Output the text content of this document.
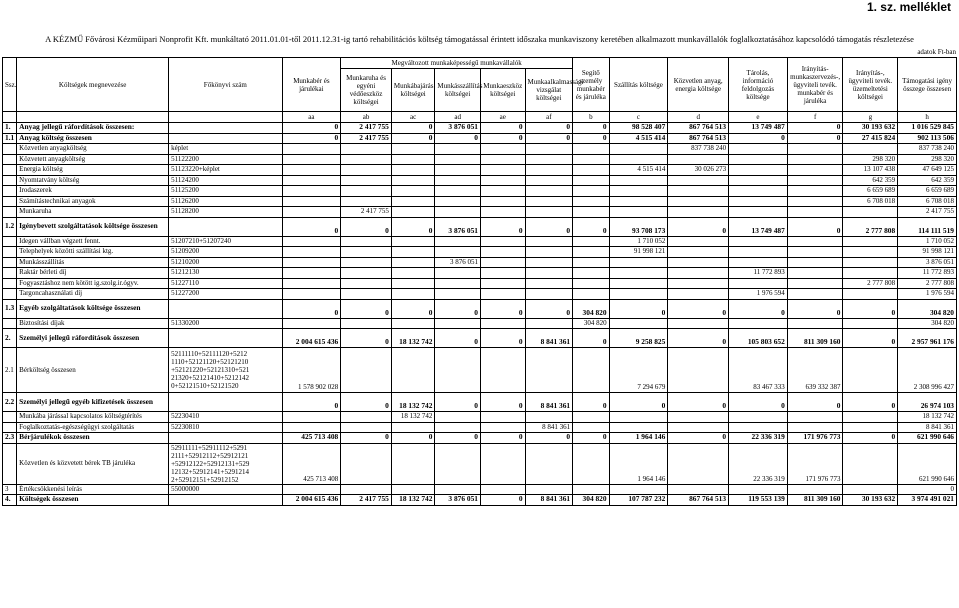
1. sz. melléklet
A KÉZMŰ Fővárosi Kézműipari Nonprofit Kft. munkáltató 2011.01.01-től 2011.12.31-ig tartó rehabilitációs költség támogatással érintett időszaka munkaviszony keretében alkalmazott munkavállalók foglalkoztatásához kapcsolódó támogatás részletezése
adatok Ft-ban
Ssz.	Költségek megnevezése	Főkönyvi szám	Munkabér és járulékai	Megváltozott munkaképességű munkavállalók					Segítő személy munkabér és járuléka	Szállítás költsége	Közvetlen anyag, energia költsége	Tárolás, információ feldolgozás költsége	Irányítás-munkaszervezés-, ügyviteli tevék. munkabér és járuléka	Irányítás-, ügyviteli tevék. üzemeltetési költségei	Támogatási igény összege összesen
				Munkaruha és egyéni védőeszköz költségei	Munkábajárás költségei	Munkásszállítás költségei	Munkaeszköz költségei	Munkaalkalmassági vizsgálat költségei							
			aa	ab	ac	ad	ae	af	b	c	d	e	f	g	h
1.	Anyag jellegű ráfordítások összesen:		0	2 417 755	0	3 876 051	0	0	0	98 528 407	867 764 513	13 749 487	0	30 193 632	1 016 529 845
1.1	Anyag költség összesen		0	2 417 755	0	0	0	0	0	4 515 414	867 764 513	0	0	27 415 824	902 113 506
	Közvetlen anyagköltség	képlet									837 738 240				837 738 240
	Közvetett anyagköltség	51122200												298 320	298 320
	Energia költség	51123220+képlet								4 515 414	30 026 273			13 107 438	47 649 125
	Nyomtatvány költség	51124200												642 359	642 359
	Irodaszerek	51125200												6 659 689	6 659 689
	Számítástechnikai anyagok	51126200												6 708 018	6 708 018
	Munkaruha	51128200		2 417 755											2 417 755
1.2	Igénybevett szolgáltatások költsége összesen		0	0	0	3 876 051	0	0	0	93 708 173	0	13 749 487	0	2 777 808	114 111 519
	Idegen vállban végzett fennt.	51207210+51207240								1 710 052					1 710 052
	Telephelyek közötti szállítási ktg.	51209200								91 998 121					91 998 121
	Munkásszállítás	51210200				3 876 051									3 876 051
	Raktár bérleti díj	51212130										11 772 893			11 772 893
	Fogyasztáshoz nem kötött ig.szolg.ir.ógyv.	51227110												2 777 808	2 777 808
	Targoncahasználati díj	51227200										1 976 594			1 976 594
1.3	Egyéb szolgáltatások költsége összesen		0	0	0	0	0	0	304 820	0	0	0	0	0	304 820
	Biztosítási díjak	51330200							304 820						304 820
2.	Személyi jellegű ráfordítások összesen		2 004 615 436	0	18 132 742	0	0	8 841 361	0	9 258 825	0	105 803 652	811 309 160	0	2 957 961 176
2.1	Bérköltség összesen	52111110+52111120+5212
1110+52121120+52121210
+52121220+52121310+521
21320+52121410+5212142
0+52121510+52121520	1 578 902 028							7 294 679		83 467 333	639 332 387		2 308 996 427
2.2	Személyi jellegű egyéb kifizetések összesen		0	0	18 132 742	0	0	8 841 361	0	0	0	0	0	0	26 974 103
	Munkába járással kapcsolatos költségtérítés	52230410			18 132 742										18 132 742
	Foglalkoztatás-egészségügyi szolgáltatás	52230810						8 841 361							8 841 361
2.3	Bérjárulékok összesen		425 713 408	0	0	0	0	0	0	1 964 146	0	22 336 319	171 976 773	0	621 990 646
	Közvetlen és közvetett bérek TB járuléka	52911111+52911112+5291
2111+52912112+52912121
+52912122+52912131+529
12132+52912141+5291214
2+52912151+52912152	425 713 408							1 964 146		22 336 319	171 976 773		621 990 646
3	Értékcsökkenési leírás	55000000													0
4.	Költségek összesen		2 004 615 436	2 417 755	18 132 742	3 876 051	0	8 841 361	304 820	107 787 232	867 764 513	119 553 139	811 309 160	30 193 632	3 974 491 021
